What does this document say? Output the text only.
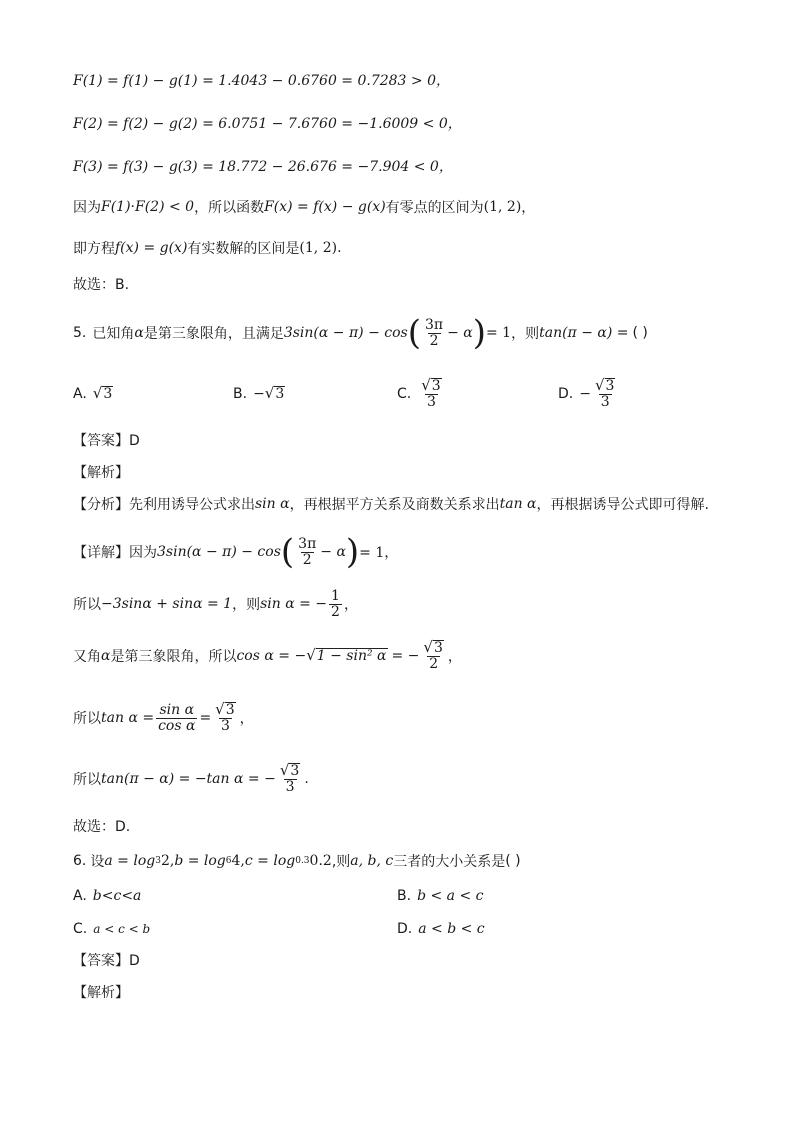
F(1) = f(1) − g(1) = 1.4043 − 0.6760 = 0.7283 > 0，
F(2) = f(2) − g(2) = 6.0751 − 7.6760 = −1.6009 < 0，
F(3) = f(3) − g(3) = 18.772 − 26.676 = −7.904 < 0，
因为 F(1)·F(2) < 0 ，所以函数 F(x) = f(x) − g(x) 有零点的区间为 (1, 2) ，
即方程 f(x) = g(x) 有实数解的区间是 (1, 2) .
故选：B.
5. 已知角 α 是第三象限角，且满足 3sin(α − π) − cos ( $\frac{3\pi}{2} - \alpha$ ) = 1 ，则 tan(π − α) = ( )
A. √ 3	B. − √ 3	C. $\frac{√ 3}{3}$	D. − $\frac{√ 3}{3}$
【答案】D
【解析】
【分析】 先利用诱导公式求出 sin α ，再根据平方关系及商数关系求出 tan α ，再根据诱导公式即可得解.
【详解】 因为 3sin(α − π) − cos ( $\frac{3\pi}{2} - \alpha$ ) = 1，
所以 −3sinα + sinα = 1 ，则 sin α = − $\frac{1}{2}$ ，
又角 α 是第三象限角，所以 cos α = − √ 1 − sin² α = − $\frac{√ 3}{2}$ ，
所以 $\tan \alpha = \frac{\text{sin α}}{\text{cos α}} = \frac{√ 3}{3}$ ，
所以 tan(π − α) = −tan α = − $\frac{√ 3}{3}$ .
故选：D.
6. 设 a = log 3 2, b = log 6 4, c = log 0.3 0.2 ,则 a, b, c 三者的大小关系是 ( )
A. b<c<a	B. b < a < c
C. a < c < b	D. a < b < c
【答案】D
【解析】
